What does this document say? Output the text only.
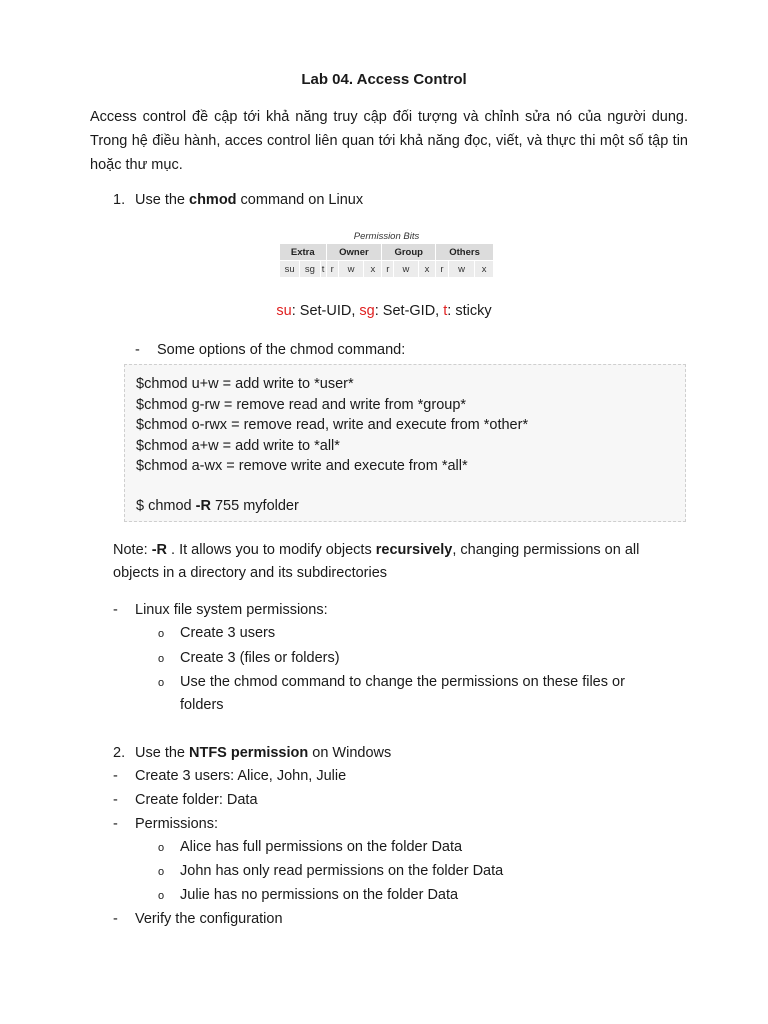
Lab 04. Access Control
Access control đề cập tới khả năng truy cập đối tượng và chỉnh sửa nó của người dung. Trong hệ điều hành, acces control liên quan tới khả năng đọc, viết, và thực thi một số tập tin hoặc thư mục.
1. Use the chmod command on Linux
Permission Bits
Extra			Owner			Group			Others		
su	sg	t	r	w	x	r	w	x	r	w	x
su: Set-UID, sg: Set-GID, t: sticky
- Some options of the chmod command:
$chmod u+w = add write to *user*
$chmod g-rw = remove read and write from *group*
$chmod o-rwx = remove read, write and execute from *other*
$chmod a+w = add write to *all*
$chmod a-wx = remove write and execute from *all*
$ chmod -R 755 myfolder
Note: -R . It allows you to modify objects recursively, changing permissions on all objects in a directory and its subdirectories
- Linux file system permissions:
o Create 3 users
o Create 3 (files or folders)
o Use the chmod command to change the permissions on these files or
folders
2. Use the NTFS permission on Windows
- Create 3 users: Alice, John, Julie
- Create folder: Data
- Permissions:
o Alice has full permissions on the folder Data
o John has only read permissions on the folder Data
o Julie has no permissions on the folder Data
- Verify the configuration
